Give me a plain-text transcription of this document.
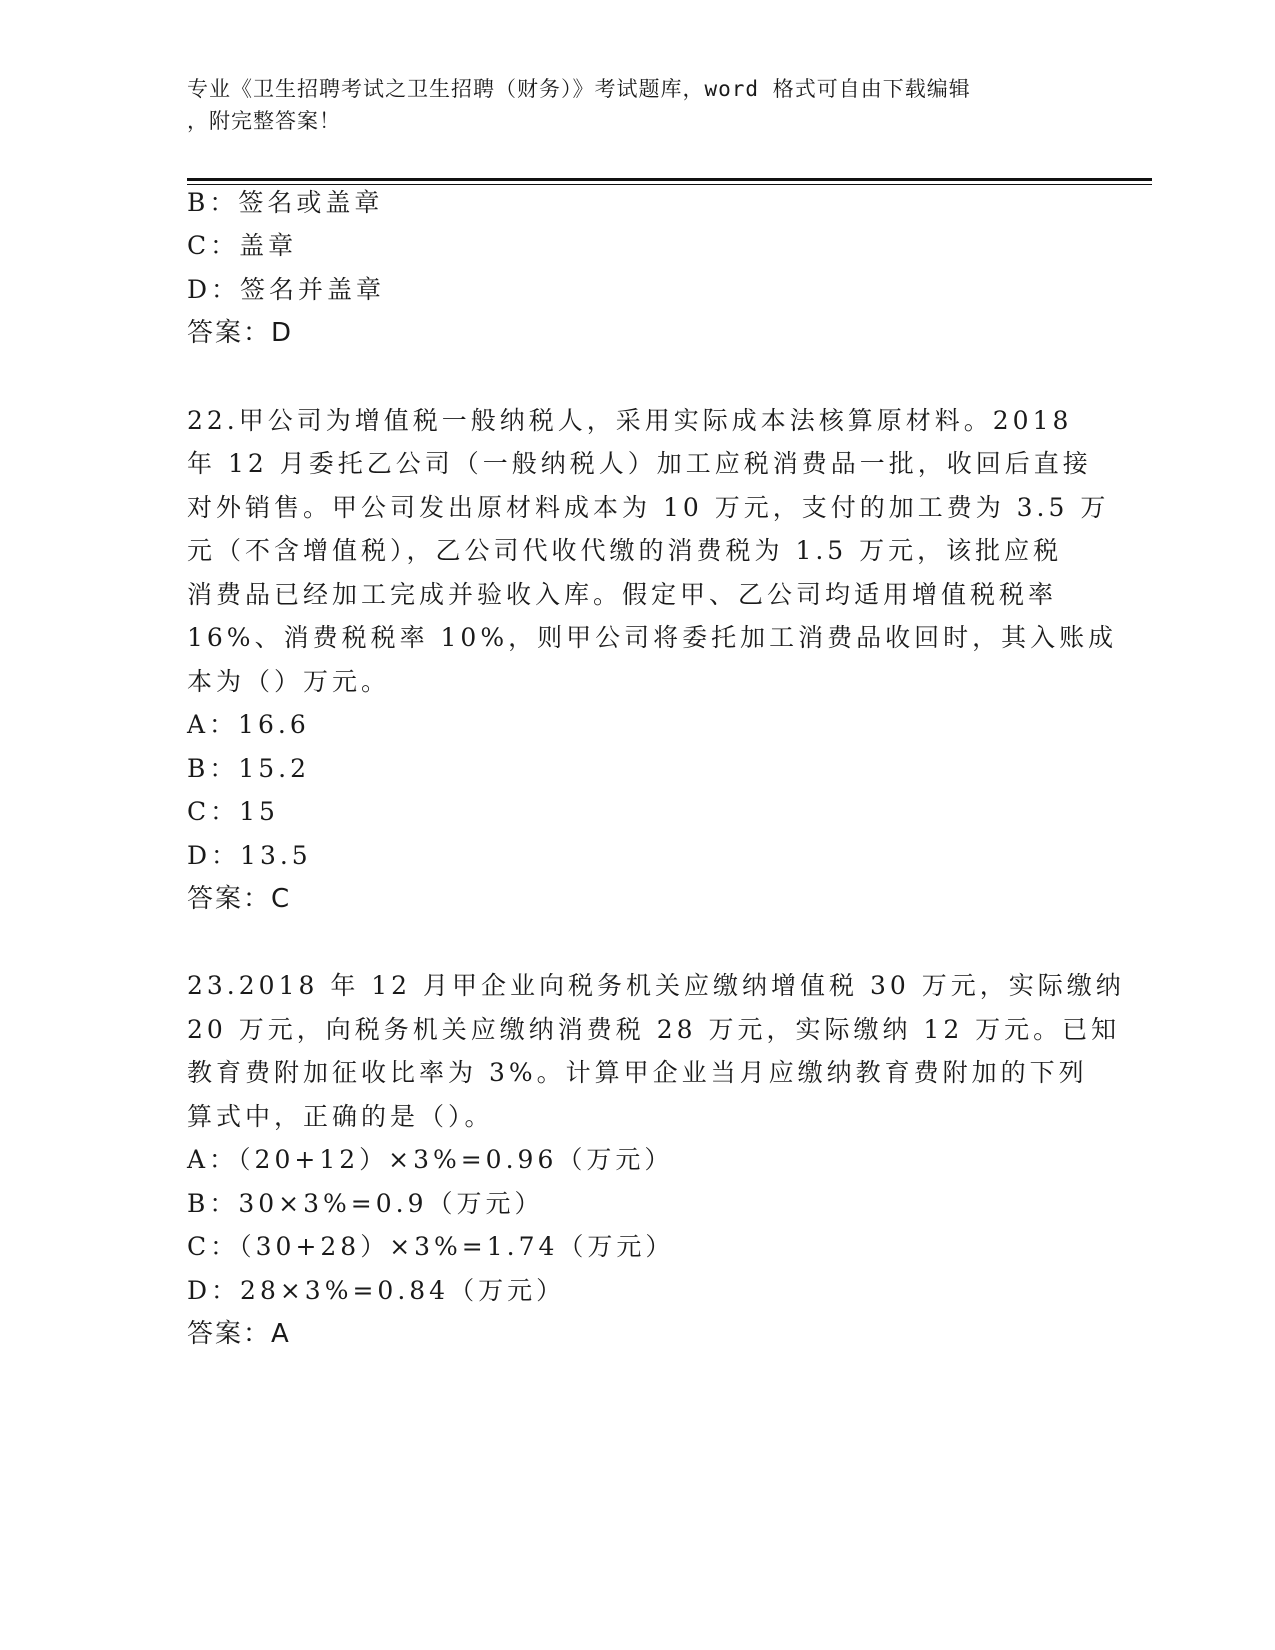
专业《卫生招聘考试之卫生招聘（财务）》考试题库，word 格式可自由下载编辑
，附完整答案！
B：签名或盖章
C：盖章
D：签名并盖章
答案：D
22.甲公司为增值税一般纳税人，采用实际成本法核算原材料。2018
年 12 月委托乙公司（一般纳税人）加工应税消费品一批，收回后直接
对外销售。甲公司发出原材料成本为 10 万元，支付的加工费为 3.5 万
元（不含增值税），乙公司代收代缴的消费税为 1.5 万元，该批应税
消费品已经加工完成并验收入库。假定甲、乙公司均适用增值税税率
16%、消费税税率 10%，则甲公司将委托加工消费品收回时，其入账成
本为（）万元。
A：16.6
B：15.2
C：15
D：13.5
答案：C
23.2018 年 12 月甲企业向税务机关应缴纳增值税 30 万元，实际缴纳
20 万元，向税务机关应缴纳消费税 28 万元，实际缴纳 12 万元。已知
教育费附加征收比率为 3%。计算甲企业当月应缴纳教育费附加的下列
算式中，正确的是（）。
A：（20+12）×3%=0.96（万元）
B：30×3%=0.9（万元）
C：（30+28）×3%=1.74（万元）
D：28×3%=0.84（万元）
答案：A
